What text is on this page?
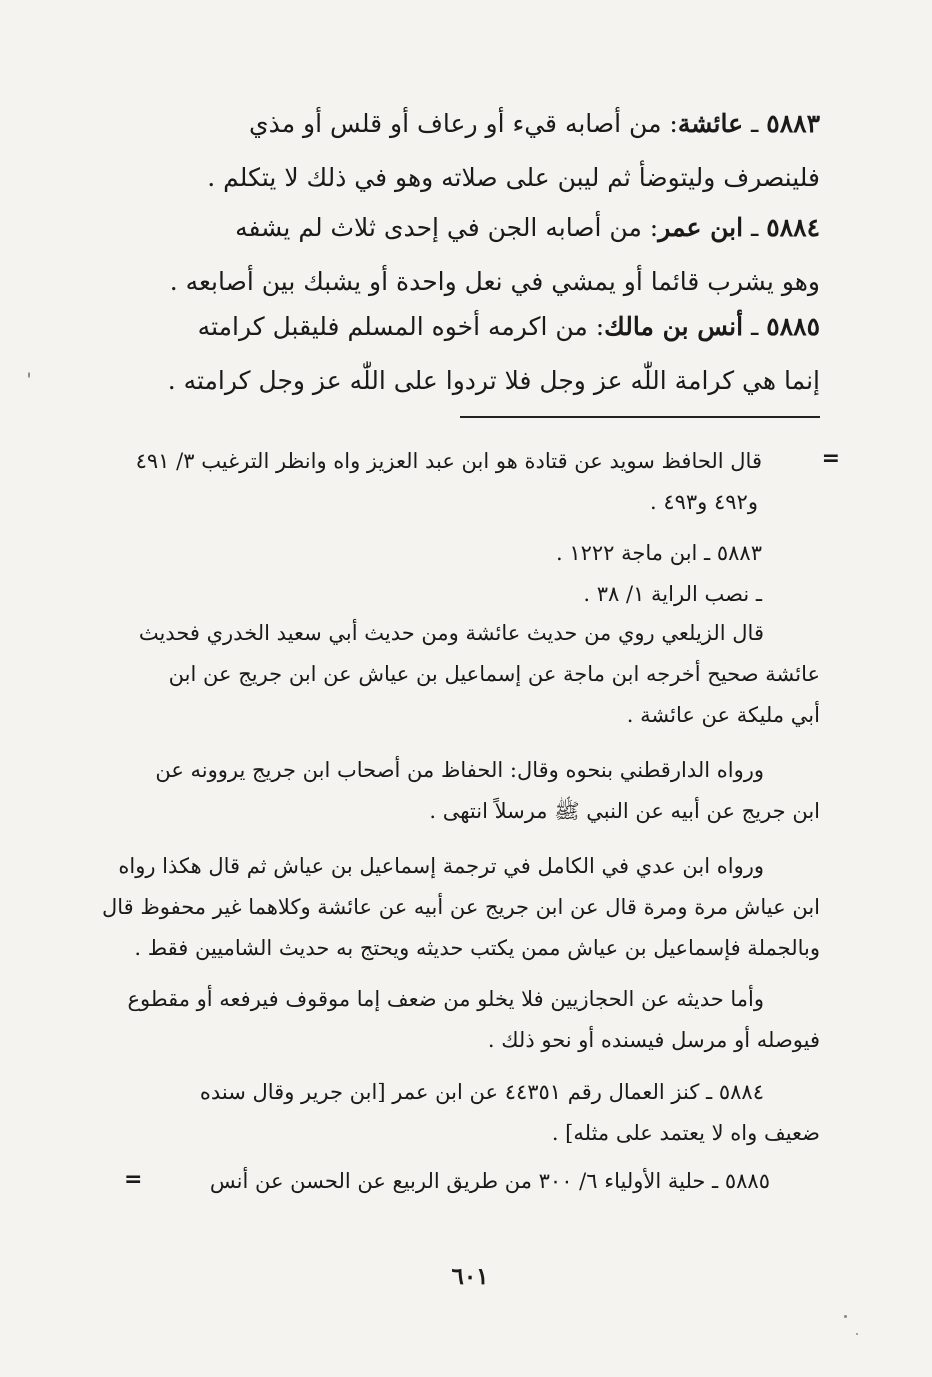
٥٨٨٣ ـ عائشة: من أصابه قيء أو رعاف أو قلس أو مذي
فلينصرف وليتوضأ ثم ليبن على صلاته وهو في ذلك لا يتكلم .
٥٨٨٤ ـ ابن عمر: من أصابه الجن في إحدى ثلاث لم يشفه
وهو يشرب قائما أو يمشي في نعل واحدة أو يشبك بين أصابعه .
٥٨٨٥ ـ أنس بن مالك: من اكرمه أخوه المسلم فليقبل كرامته
إنما هي كرامة اللّٰه عز وجل فلا تردوا على اللّٰه عز وجل كرامته .
=
قال الحافظ سويد عن قتادة هو ابن عبد العزيز واه وانظر الترغيب ٣/ ٤٩١
و٤٩٢ و٤٩٣ .
٥٨٨٣ ـ ابن ماجة ١٢٢٢ .
ـ نصب الراية ١/ ٣٨ .
قال الزيلعي روي من حديث عائشة ومن حديث أبي سعيد الخدري فحديث
عائشة صحيح أخرجه ابن ماجة عن إسماعيل بن عياش عن ابن جريج عن ابن
أبي مليكة عن عائشة .
ورواه الدارقطني بنحوه وقال: الحفاظ من أصحاب ابن جريج يروونه عن
ابن جريج عن أبيه عن النبي ﷺ مرسلاً انتهى .
ورواه ابن عدي في الكامل في ترجمة إسماعيل بن عياش ثم قال هكذا رواه
ابن عياش مرة ومرة قال عن ابن جريج عن أبيه عن عائشة وكلاهما غير محفوظ قال
وبالجملة فإسماعيل بن عياش ممن يكتب حديثه ويحتج به حديث الشاميين فقط .
وأما حديثه عن الحجازيين فلا يخلو من ضعف إما موقوف فيرفعه أو مقطوع
فيوصله أو مرسل فيسنده أو نحو ذلك .
٥٨٨٤ ـ كنز العمال رقم ٤٤٣٥١ عن ابن عمر [ابن جرير وقال سنده
ضعيف واه لا يعتمد على مثله] .
٥٨٨٥ ـ حلية الأولياء ٦/ ٣٠٠ من طريق الربيع عن الحسن عن أنس
=
٦٠١
